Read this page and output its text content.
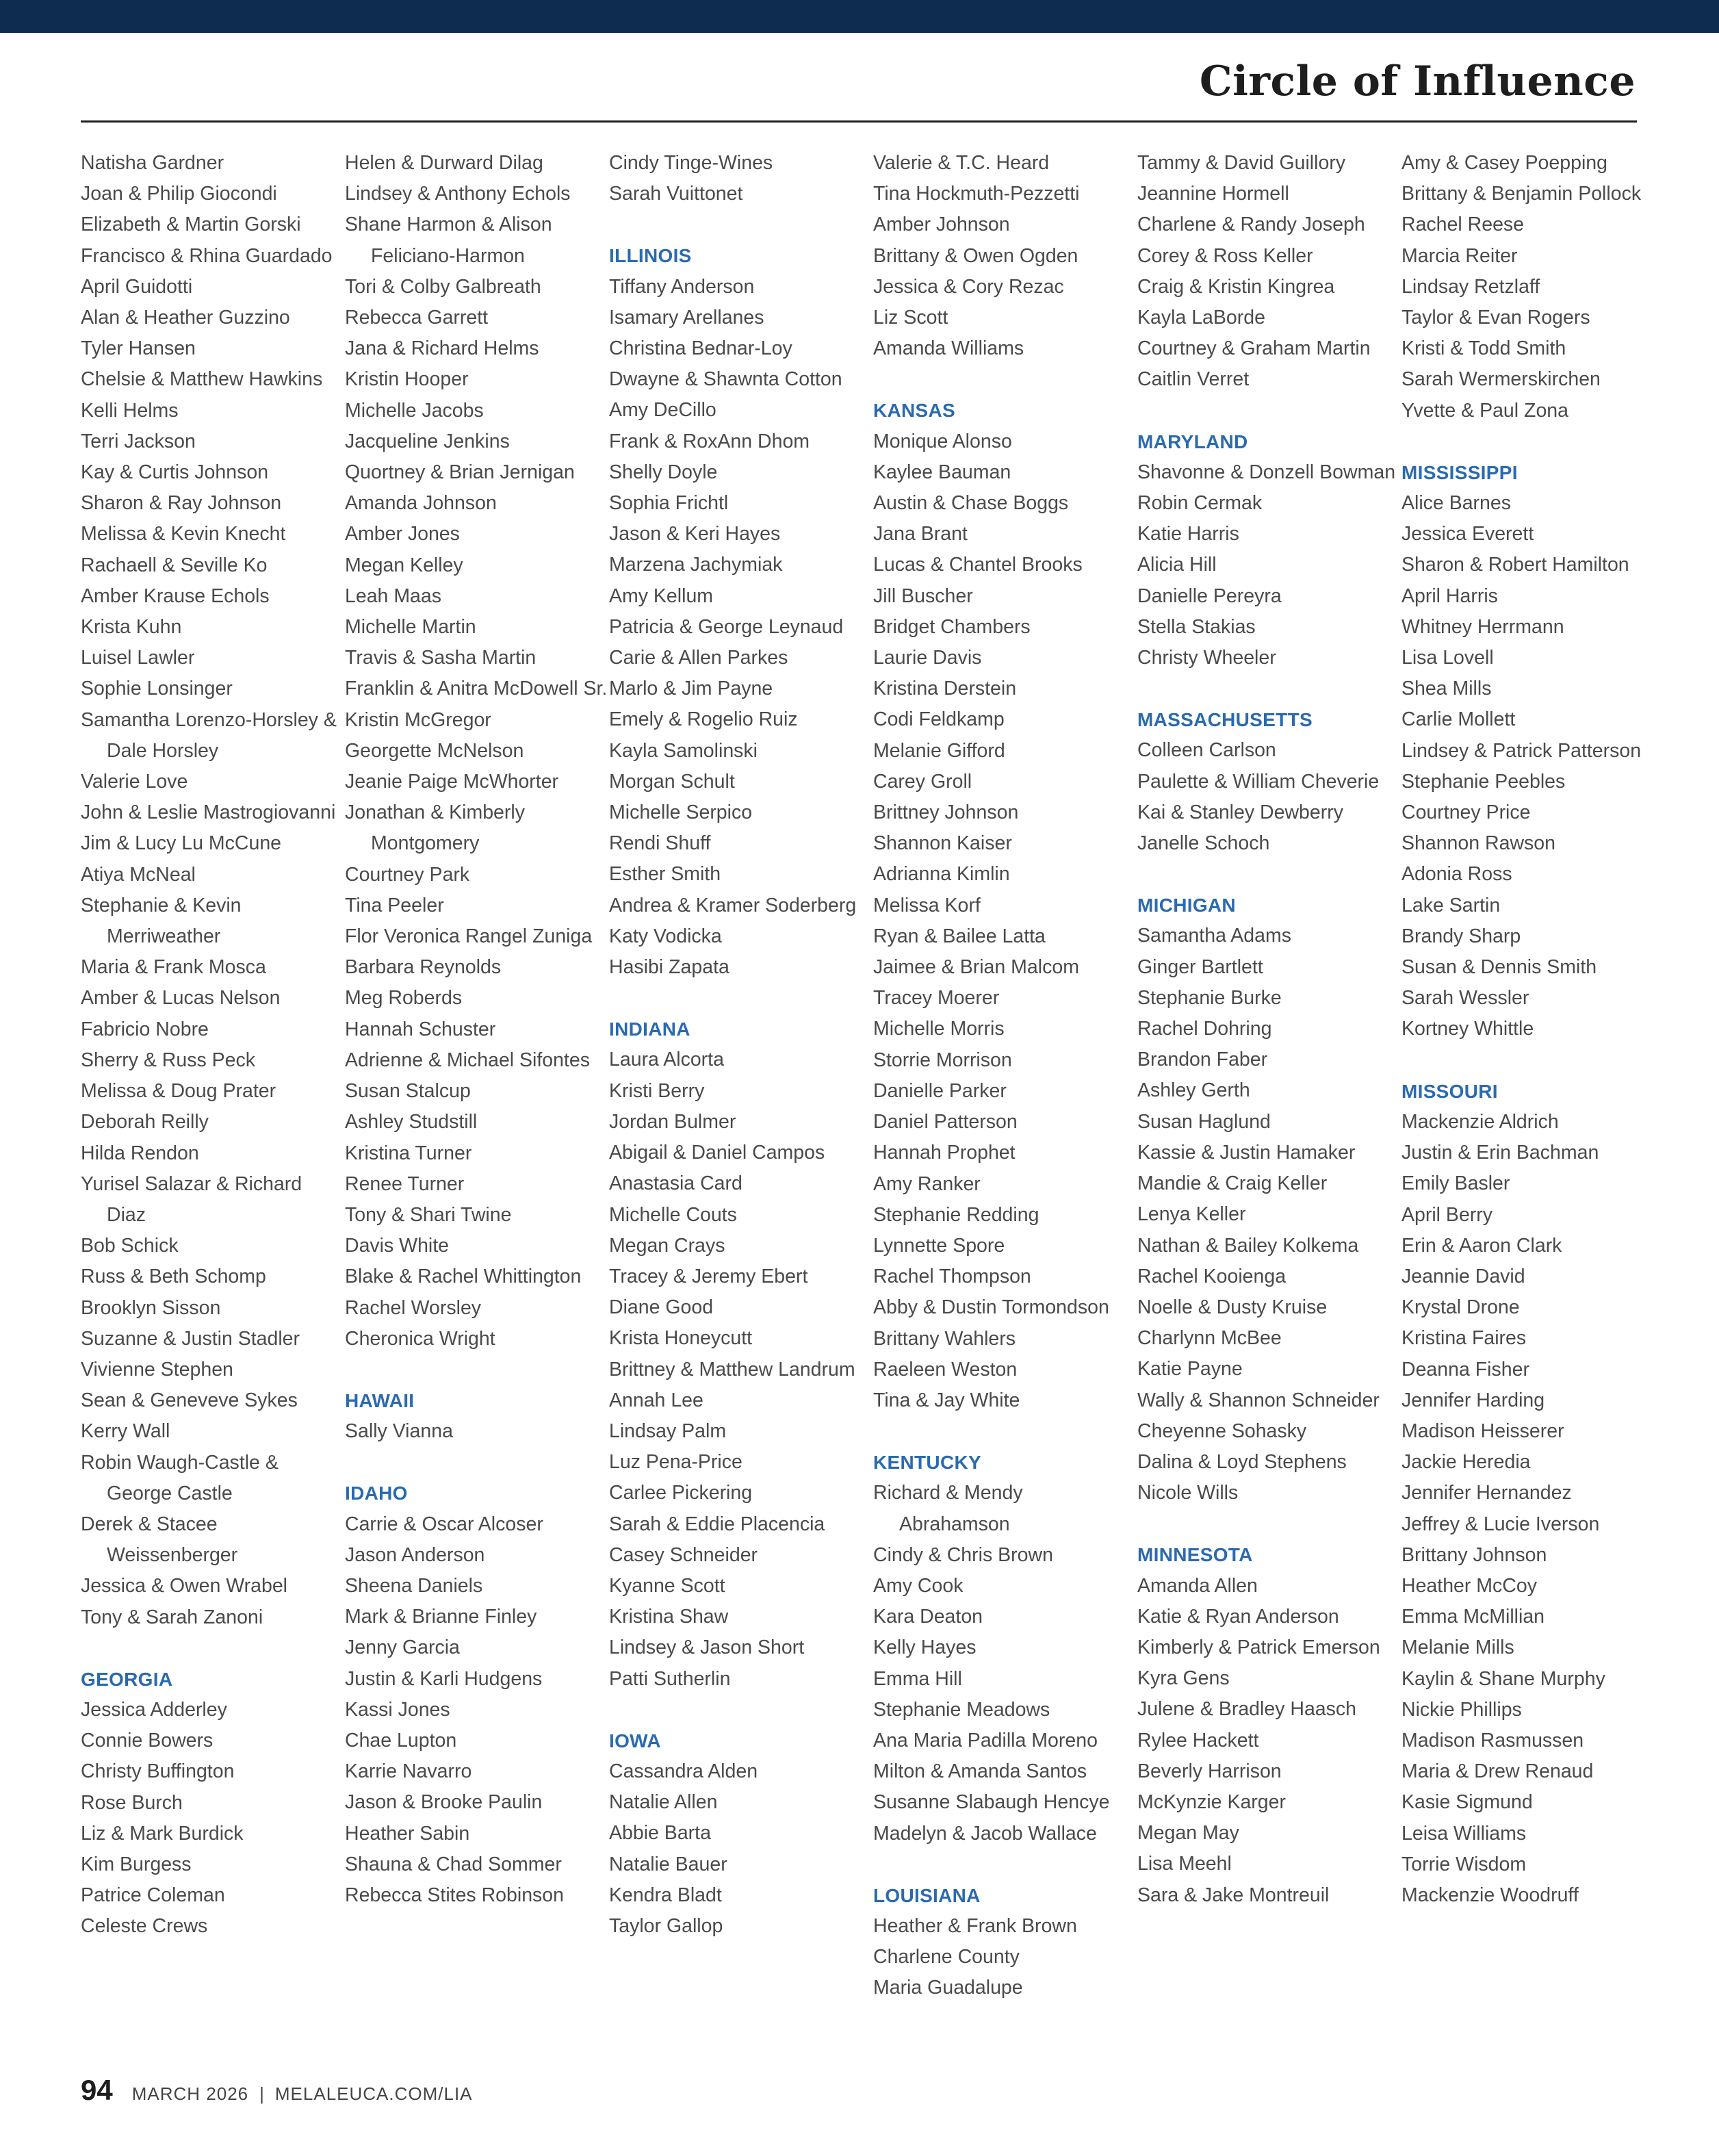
Circle of Influence
Natisha Gardner
Joan & Philip Giocondi
Elizabeth & Martin Gorski
Francisco & Rhina Guardado
April Guidotti
Alan & Heather Guzzino
Tyler Hansen
Chelsie & Matthew Hawkins
Kelli Helms
Terri Jackson
Kay & Curtis Johnson
Sharon & Ray Johnson
Melissa & Kevin Knecht
Rachaell & Seville Ko
Amber Krause Echols
Krista Kuhn
Luisel Lawler
Sophie Lonsinger
Samantha Lorenzo-Horsley & Dale Horsley
Valerie Love
John & Leslie Mastrogiovanni
Jim & Lucy Lu McCune
Atiya McNeal
Stephanie & Kevin Merriweather
Maria & Frank Mosca
Amber & Lucas Nelson
Fabricio Nobre
Sherry & Russ Peck
Melissa & Doug Prater
Deborah Reilly
Hilda Rendon
Yurisel Salazar & Richard Diaz
Bob Schick
Russ & Beth Schomp
Brooklyn Sisson
Suzanne & Justin Stadler
Vivienne Stephen
Sean & Geneveve Sykes
Kerry Wall
Robin Waugh-Castle & George Castle
Derek & Stacee Weissenberger
Jessica & Owen Wrabel
Tony & Sarah Zanoni
GEORGIA
Jessica Adderley
Connie Bowers
Christy Buffington
Rose Burch
Liz & Mark Burdick
Kim Burgess
Patrice Coleman
Celeste Crews
Helen & Durward Dilag
Lindsey & Anthony Echols
Shane Harmon & Alison Feliciano-Harmon
Tori & Colby Galbreath
Rebecca Garrett
Jana & Richard Helms
Kristin Hooper
Michelle Jacobs
Jacqueline Jenkins
Quortney & Brian Jernigan
Amanda Johnson
Amber Jones
Megan Kelley
Leah Maas
Michelle Martin
Travis & Sasha Martin
Franklin & Anitra McDowell Sr.
Kristin McGregor
Georgette McNelson
Jeanie Paige McWhorter
Jonathan & Kimberly Montgomery
Courtney Park
Tina Peeler
Flor Veronica Rangel Zuniga
Barbara Reynolds
Meg Roberds
Hannah Schuster
Adrienne & Michael Sifontes
Susan Stalcup
Ashley Studstill
Kristina Turner
Renee Turner
Tony & Shari Twine
Davis White
Blake & Rachel Whittington
Rachel Worsley
Cheronica Wright
HAWAII
Sally Vianna
IDAHO
Carrie & Oscar Alcoser
Jason Anderson
Sheena Daniels
Mark & Brianne Finley
Jenny Garcia
Justin & Karli Hudgens
Kassi Jones
Chae Lupton
Karrie Navarro
Jason & Brooke Paulin
Heather Sabin
Shauna & Chad Sommer
Rebecca Stites Robinson
Cindy Tinge-Wines
Sarah Vuittonet
ILLINOIS
Tiffany Anderson
Isamary Arellanes
Christina Bednar-Loy
Dwayne & Shawnta Cotton
Amy DeCillo
Frank & RoxAnn Dhom
Shelly Doyle
Sophia Frichtl
Jason & Keri Hayes
Marzena Jachymiak
Amy Kellum
Patricia & George Leynaud
Carie & Allen Parkes
Marlo & Jim Payne
Emely & Rogelio Ruiz
Kayla Samolinski
Morgan Schult
Michelle Serpico
Rendi Shuff
Esther Smith
Andrea & Kramer Soderberg
Katy Vodicka
Hasibi Zapata
INDIANA
Laura Alcorta
Kristi Berry
Jordan Bulmer
Abigail & Daniel Campos
Anastasia Card
Michelle Couts
Megan Crays
Tracey & Jeremy Ebert
Diane Good
Krista Honeycutt
Brittney & Matthew Landrum
Annah Lee
Lindsay Palm
Luz Pena-Price
Carlee Pickering
Sarah & Eddie Placencia
Casey Schneider
Kyanne Scott
Kristina Shaw
Lindsey & Jason Short
Patti Sutherlin
IOWA
Cassandra Alden
Natalie Allen
Abbie Barta
Natalie Bauer
Kendra Bladt
Taylor Gallop
Valerie & T.C. Heard
Tina Hockmuth-Pezzetti
Amber Johnson
Brittany & Owen Ogden
Jessica & Cory Rezac
Liz Scott
Amanda Williams
KANSAS
Monique Alonso
Kaylee Bauman
Austin & Chase Boggs
Jana Brant
Lucas & Chantel Brooks
Jill Buscher
Bridget Chambers
Laurie Davis
Kristina Derstein
Codi Feldkamp
Melanie Gifford
Carey Groll
Brittney Johnson
Shannon Kaiser
Adrianna Kimlin
Melissa Korf
Ryan & Bailee Latta
Jaimee & Brian Malcom
Tracey Moerer
Michelle Morris
Storrie Morrison
Danielle Parker
Daniel Patterson
Hannah Prophet
Amy Ranker
Stephanie Redding
Lynnette Spore
Rachel Thompson
Abby & Dustin Tormondson
Brittany Wahlers
Raeleen Weston
Tina & Jay White
KENTUCKY
Richard & Mendy Abrahamson
Cindy & Chris Brown
Amy Cook
Kara Deaton
Kelly Hayes
Emma Hill
Stephanie Meadows
Ana Maria Padilla Moreno
Milton & Amanda Santos
Susanne Slabaugh Hencye
Madelyn & Jacob Wallace
LOUISIANA
Heather & Frank Brown
Charlene County
Maria Guadalupe
Tammy & David Guillory
Jeannine Hormell
Charlene & Randy Joseph
Corey & Ross Keller
Craig & Kristin Kingrea
Kayla LaBorde
Courtney & Graham Martin
Caitlin Verret
MARYLAND
Shavonne & Donzell Bowman
Robin Cermak
Katie Harris
Alicia Hill
Danielle Pereyra
Stella Stakias
Christy Wheeler
MASSACHUSETTS
Colleen Carlson
Paulette & William Cheverie
Kai & Stanley Dewberry
Janelle Schoch
MICHIGAN
Samantha Adams
Ginger Bartlett
Stephanie Burke
Rachel Dohring
Brandon Faber
Ashley Gerth
Susan Haglund
Kassie & Justin Hamaker
Mandie & Craig Keller
Lenya Keller
Nathan & Bailey Kolkema
Rachel Kooienga
Noelle & Dusty Kruise
Charlynn McBee
Katie Payne
Wally & Shannon Schneider
Cheyenne Sohasky
Dalina & Loyd Stephens
Nicole Wills
MINNESOTA
Amanda Allen
Katie & Ryan Anderson
Kimberly & Patrick Emerson
Kyra Gens
Julene & Bradley Haasch
Rylee Hackett
Beverly Harrison
McKynzie Karger
Megan May
Lisa Meehl
Sara & Jake Montreuil
Amy & Casey Poepping
Brittany & Benjamin Pollock
Rachel Reese
Marcia Reiter
Lindsay Retzlaff
Taylor & Evan Rogers
Kristi & Todd Smith
Sarah Wermerskirchen
Yvette & Paul Zona
MISSISSIPPI
Alice Barnes
Jessica Everett
Sharon & Robert Hamilton
April Harris
Whitney Herrmann
Lisa Lovell
Shea Mills
Carlie Mollett
Lindsey & Patrick Patterson
Stephanie Peebles
Courtney Price
Shannon Rawson
Adonia Ross
Lake Sartin
Brandy Sharp
Susan & Dennis Smith
Sarah Wessler
Kortney Whittle
MISSOURI
Mackenzie Aldrich
Justin & Erin Bachman
Emily Basler
April Berry
Erin & Aaron Clark
Jeannie David
Krystal Drone
Kristina Faires
Deanna Fisher
Jennifer Harding
Madison Heisserer
Jackie Heredia
Jennifer Hernandez
Jeffrey & Lucie Iverson
Brittany Johnson
Heather McCoy
Emma McMillian
Melanie Mills
Kaylin & Shane Murphy
Nickie Phillips
Madison Rasmussen
Maria & Drew Renaud
Kasie Sigmund
Leisa Williams
Torrie Wisdom
Mackenzie Woodruff
94 MARCH 2026 | MELALEUCA.COM/LIA
